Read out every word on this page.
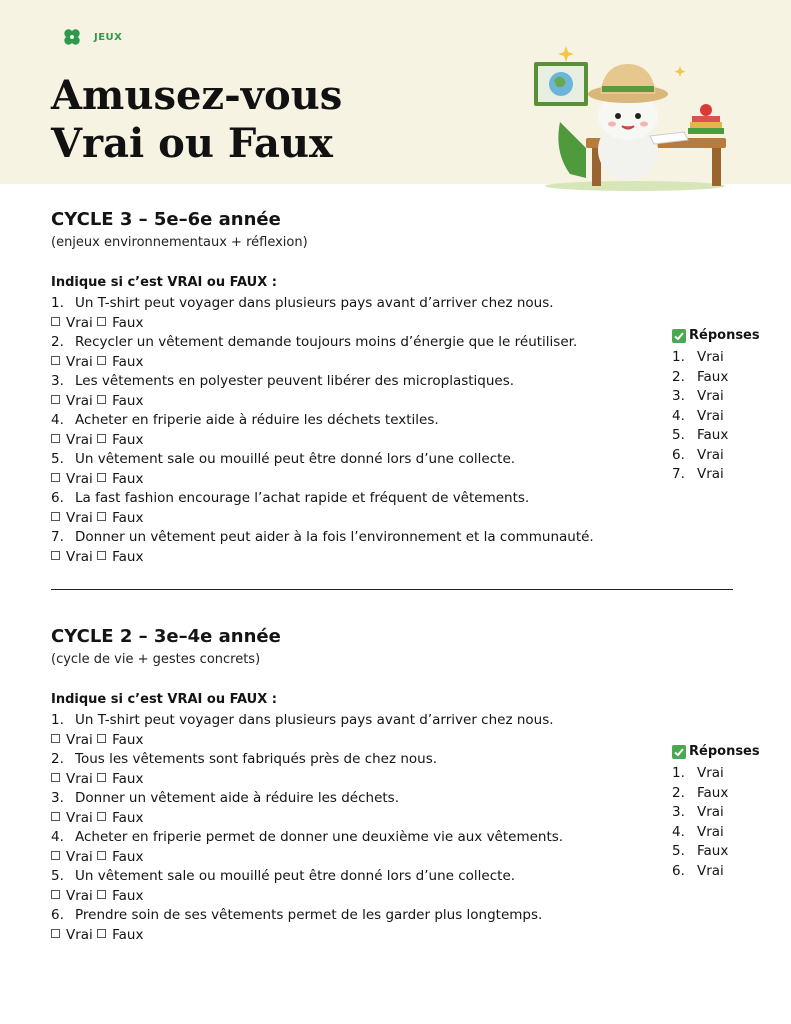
JEUX
Amusez-vous
Vrai ou Faux
CYCLE 3 – 5e–6e année

(enjeux environnementaux + réflexion)

Indique si c’est VRAI ou FAUX :

1. Un T-shirt peut voyager dans plusieurs pays avant d’arriver chez nous.
Vrai Faux
2. Recycler un vêtement demande toujours moins d’énergie que le réutiliser.
Vrai Faux
3. Les vêtements en polyester peuvent libérer des microplastiques.
Vrai Faux
4. Acheter en friperie aide à réduire les déchets textiles.
Vrai Faux
5. Un vêtement sale ou mouillé peut être donné lors d’une collecte.
Vrai Faux
6. La fast fashion encourage l’achat rapide et fréquent de vêtements.
Vrai Faux
7. Donner un vêtement peut aider à la fois l’environnement et la communauté.
Vrai Faux
Réponses
1. Vrai
2. Faux
3. Vrai
4. Vrai
5. Faux
6. Vrai
7. Vrai
CYCLE 2 – 3e–4e année

(cycle de vie + gestes concrets)

Indique si c’est VRAI ou FAUX :

1. Un T-shirt peut voyager dans plusieurs pays avant d’arriver chez nous.
Vrai Faux
2. Tous les vêtements sont fabriqués près de chez nous.
Vrai Faux
3. Donner un vêtement aide à réduire les déchets.
Vrai Faux
4. Acheter en friperie permet de donner une deuxième vie aux vêtements.
Vrai Faux
5. Un vêtement sale ou mouillé peut être donné lors d’une collecte.
Vrai Faux
6. Prendre soin de ses vêtements permet de les garder plus longtemps.
Vrai Faux
Réponses
1. Vrai
2. Faux
3. Vrai
4. Vrai
5. Faux
6. Vrai
